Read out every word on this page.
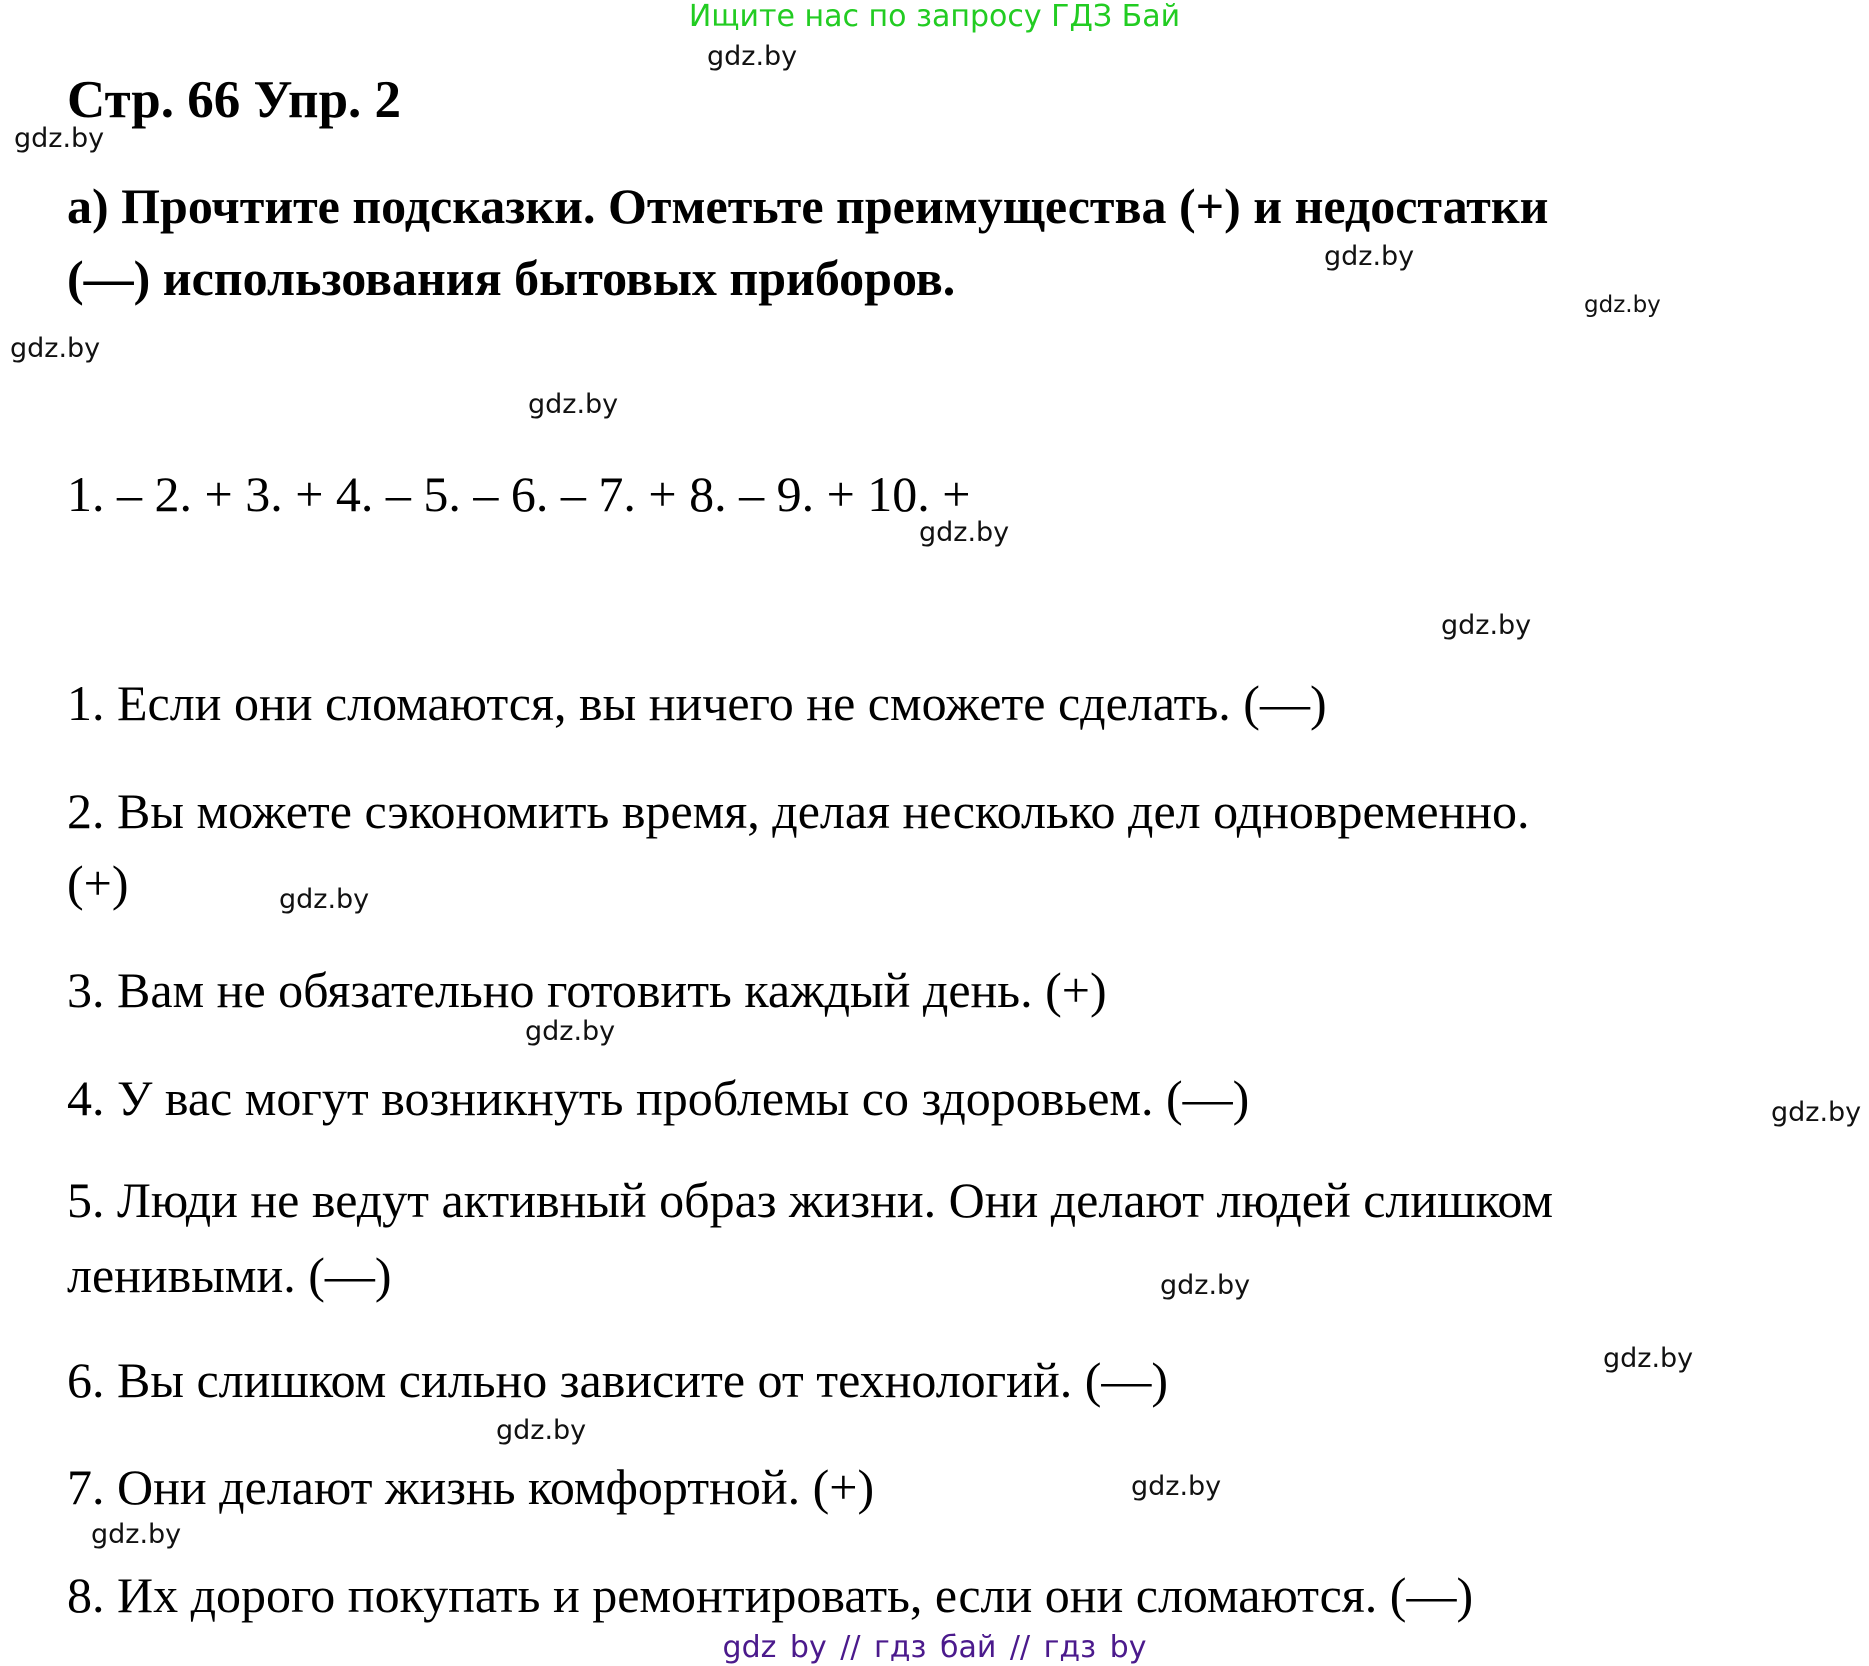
Ищите нас по запросу ГДЗ Бай
gdz.by
gdz.by
gdz.by
gdz.by
gdz.by
gdz.by
gdz.by
gdz.by
gdz.by
gdz.by
gdz.by
gdz.by
gdz.by
gdz.by
gdz.by
gdz.by
Стр. 66 Упр. 2
а) Прочтите подсказки. Отметьте преимущества (+) и недостатки
(—) использования бытовых приборов.
1. – 2. + 3. + 4. – 5. – 6. – 7. + 8. – 9. + 10. +
1. Если они сломаются, вы ничего не сможете сделать. (—)
2. Вы можете сэкономить время, делая несколько дел одновременно.
(+)
3. Вам не обязательно готовить каждый день. (+)
4. У вас могут возникнуть проблемы со здоровьем. (—)
5. Люди не ведут активный образ жизни. Они делают людей слишком
ленивыми. (—)
6. Вы слишком сильно зависите от технологий. (—)
7. Они делают жизнь комфортной. (+)
8. Их дорого покупать и ремонтировать, если они сломаются. (—)
gdz by // гдз бай // гдз by
